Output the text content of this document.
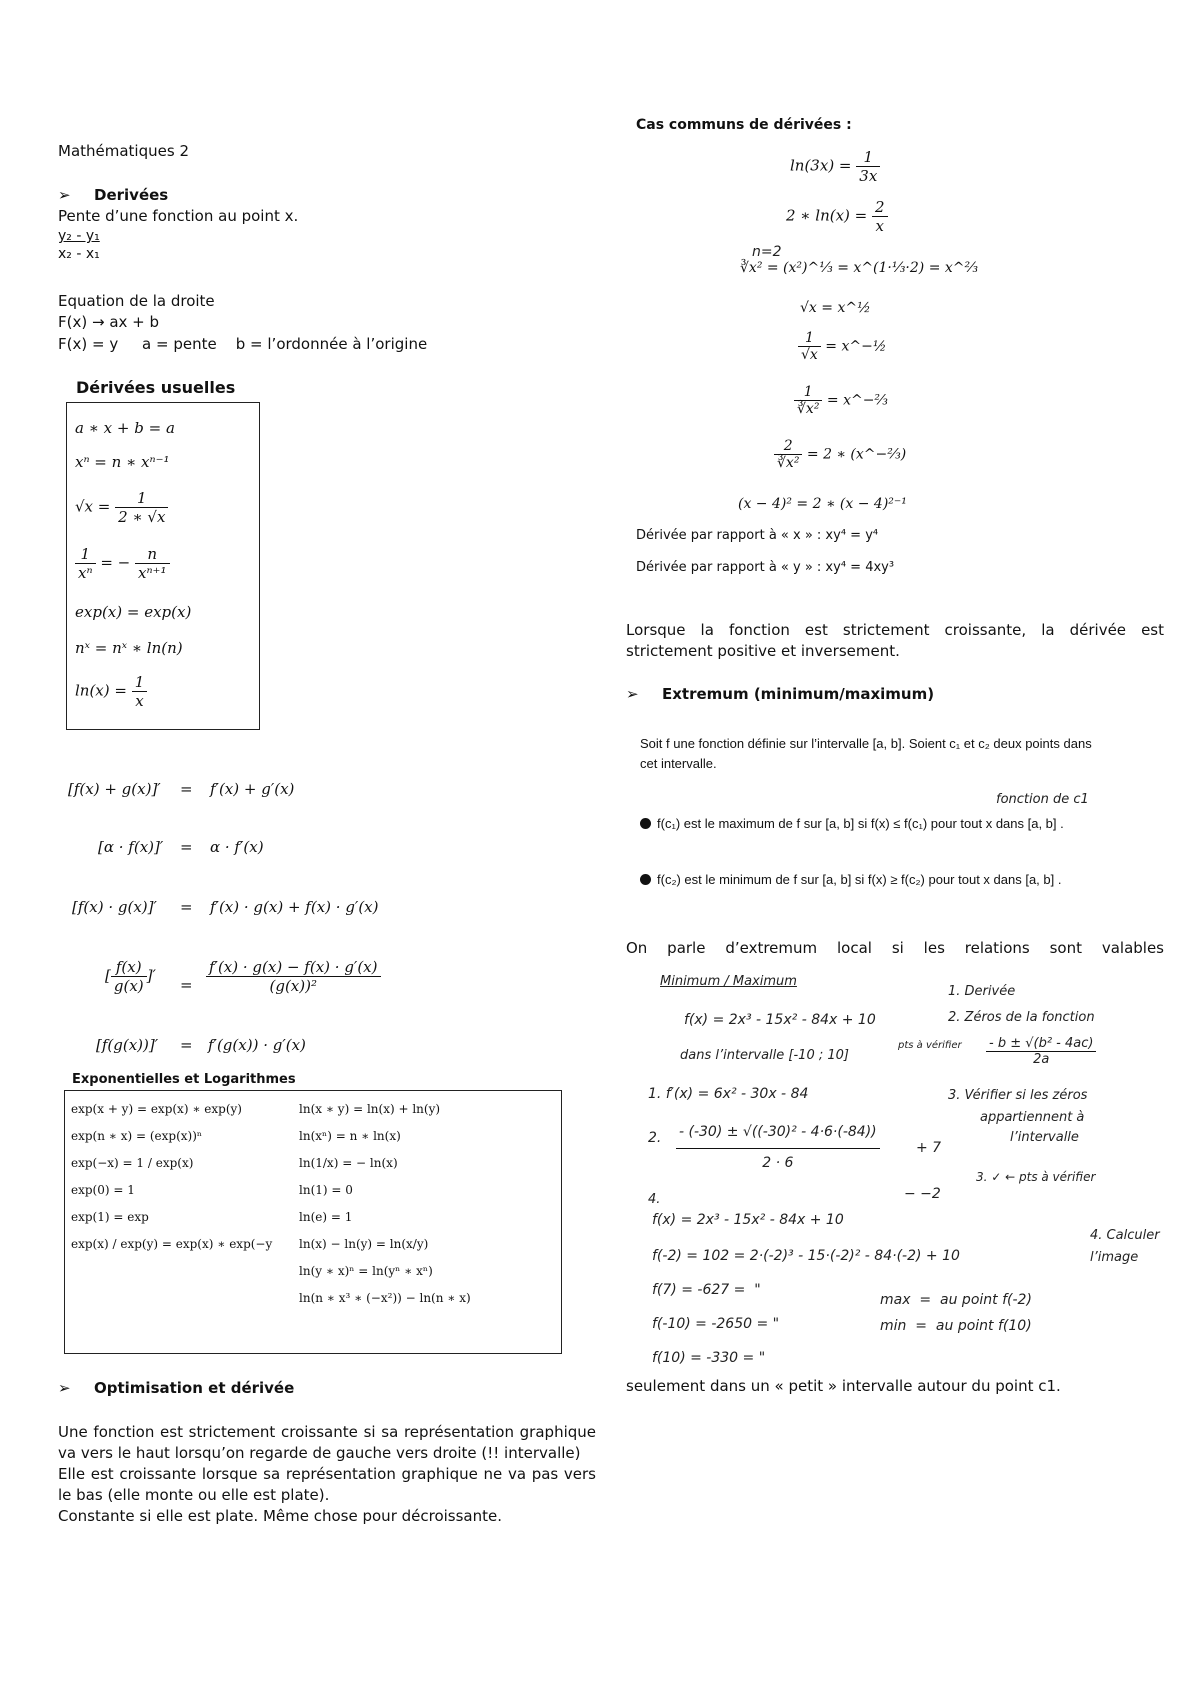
Mathématiques 2
➢ Derivées
Pente d’une fonction au point x.
y₂ - y₁
x₂ - x₁
Equation de la droite
F(x) → ax + b
F(x) = y     a = pente    b = l’ordonnée à l’origine
Dérivées usuelles
a ∗ x + b = a
xⁿ = n ∗ xⁿ⁻¹
$√x = \frac{1}{2 ∗ √x}$
$\frac{1}{\text{xⁿ}}$ = − $\frac{n}{\text{xⁿ⁺¹}}$
exp(x) = exp(x)
nˣ = nˣ ∗ ln(n)
$\ln(x) = \frac{1}{x}$
[f(x) + g(x)]′ = f′(x) + g′(x)
[α · f(x)]′ = α · f′(x)
[f(x) · g(x)]′ = f′(x) · g(x) + f(x) · g′(x)
[ $\frac{f(x)}{g(x)}$ ]′
= $\frac{f'(x) \cdot g(x) - f(x) \cdot g'(x)}{\text{(g(x))²}}$
[f(g(x))]′ = f′(g(x)) · g′(x)
Exponentielles et Logarithmes
exp(x + y) = exp(x) ∗ exp(y)	ln(x ∗ y) = ln(x) + ln(y)
exp(n ∗ x) = (exp(x))ⁿ	ln(xⁿ) = n ∗ ln(x)
exp(−x) = 1 / exp(x)	ln(1/x) = − ln(x)
exp(0) = 1	ln(1) = 0
exp(1) = exp	ln(e) = 1
exp(x) / exp(y) = exp(x) ∗ exp(−y	ln(x) − ln(y) = ln(x/y)
	ln(y ∗ x)ⁿ = ln(yⁿ ∗ xⁿ)
	ln(n ∗ x³ ∗ (−x²)) − ln(n ∗ x)
➢ Optimisation et dérivée
Une fonction est strictement croissante si sa représentation graphique va vers le haut lorsqu’on regarde de gauche vers droite (!! intervalle)
Elle est croissante lorsque sa représentation graphique ne va pas vers le bas (elle monte ou elle est plate).
Constante si elle est plate. Même chose pour décroissante.
Cas communs de dérivées :
$\ln(3x) = \frac{1}{3x}$
2 ∗ $\ln(x) = \frac{2}{x}$
n=2
∛x² = (x²)^⅓ = x^(1·⅓·2) = x^⅔
√x = x^½
$\frac{1}{√x}$ = x^−½
$\frac{1}{\text{∛x²}}$ = x^−⅔
$\frac{2}{\text{∛x²}} = 2$ ∗ (x^−⅔)
(x − 4)² = 2 ∗ (x − 4)²⁻¹
Dérivée par rapport à « x » : xy⁴ = y⁴
Dérivée par rapport à « y » : xy⁴ = 4xy³
Lorsque la fonction est strictement croissante, la dérivée est strictement positive et inversement.
➢ Extremum (minimum/maximum)
Soit f une fonction définie sur l’intervalle [a, b]. Soient c₁ et c₂ deux points dans cet intervalle.
fonction de c1
f(c₁) est le maximum de f sur [a, b] si f(x) ≤ f(c₁) pour tout x dans [a, b] .
f(c₂) est le minimum de f sur [a, b] si f(x) ≥ f(c₂) pour tout x dans [a, b] .
On parle d’extremum local si les relations sont valables
Minimum / Maximum
f(x) = 2x³ - 15x² - 84x + 10
dans l’intervalle [-10 ; 10]
pts à vérifier
1. f′(x) = 6x² - 30x - 84
2. $\frac{\text{- (-30) ± √((-30)² - 4·6·(-84))}}{2 \cdot 6}$	+ 7
− −2
3. ✓ ← pts à vérifier
4.
f(x) = 2x³ - 15x² - 84x + 10
f(-2) = 102 = 2·(-2)³ - 15·(-2)² - 84·(-2) + 10
f(7) = -627 =  "
f(-10) = -2650 = "
f(10) = -330 = "
max  =  au point f(-2)
min  =  au point f(10)
1. Derivée
2. Zéros de la fonction
$\frac{\text{- b ± √(b² - 4ac)}}{2a}$
3. Vérifier si les zéros
appartiennent à
l’intervalle
4. Calculer
l’image
seulement dans un « petit » intervalle autour du point c1.
